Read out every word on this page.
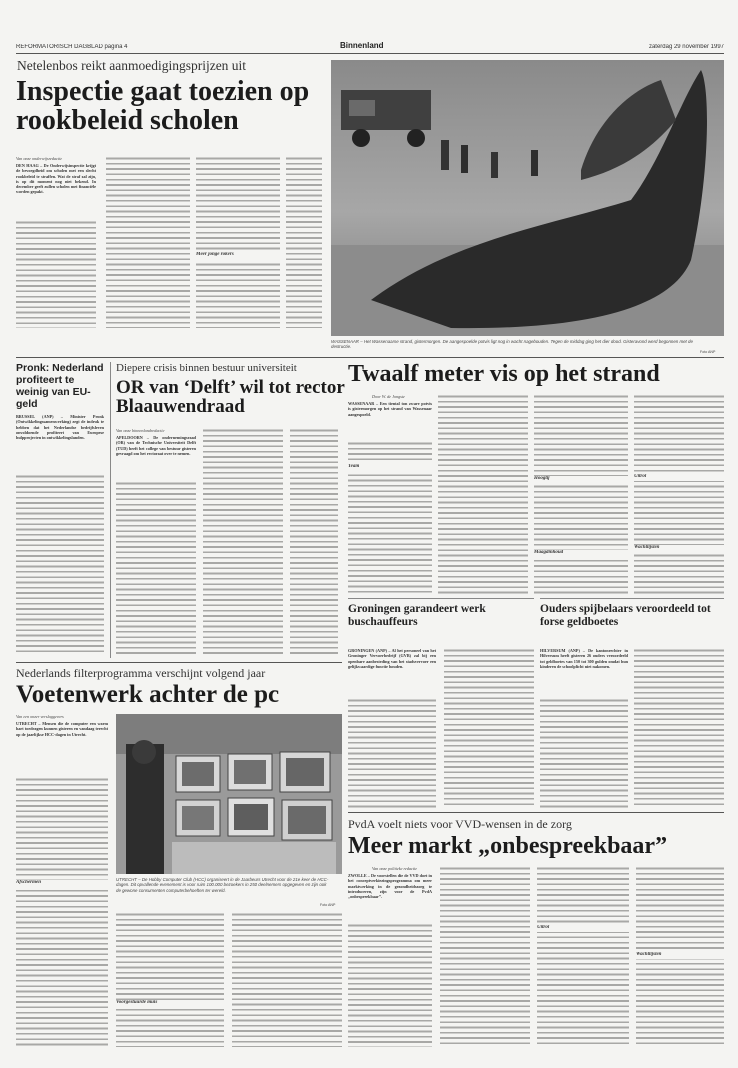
REFORMATORISCH DAGBLAD pagina 4	Binnenland	zaterdag 29 november 1997
Netelenbos reikt aanmoedigingsprijzen uit
Inspectie gaat toezien op rookbeleid scholen
Van onze onderwijsredactie
DEN HAAG – De Onderwijsinspectie krijgt de bevoegdheid om scholen met een slecht rookbeleid te straffen. Wat de straf zal zijn, is op dit moment nog niet bekend. In december geeft zullen scholen met financiële worden gepakt.
Meer jonge rokers
WASSENAAR – Het Wassenaarse strand, gistermorgen. De aangespoelde potvis ligt nog in wacht nagebouden. Tegen de middag ging het dier dood. Gisteravond werd begonnen met de destructie.
Foto ANP
Pronk: Nederland profiteert te weinig van EU-geld
BRUSSEL (ANP) – Minister Pronk (Ontwikkelingssamenwerking) zegt de indruk te hebben dat het Nederlandse bedrijfsleven onvoldoende profiteert van Europese hulpprojecten in ontwikkelingslanden.
Diepere crisis binnen bestuur universiteit
OR van ‘Delft’ wil tot rector Blaauwendraad
Van onze binnenlandredactie
APELDOORN – De ondernemingsraad (OR) van de Technische Universiteit Delft (TUD) heeft het college van bestuur gisteren gevraagd om het rectoraat over te nemen.
Twaalf meter vis op het strand
Door W. de Jongste
WASSENAAR – Een tiental ton zware potvis is gistermorgen op het strand van Wassenaar aangespoeld.
Team
Hoogtij
Maagdinhoud
Uitrol
Wachtlijsten
Groningen garandeert werk buschauffeurs
GRONINGEN (ANP) – Al het personeel van het Groninger Vervoerbedrijf (GVB) zal bij een openbare aanbesteding van het stadsvervoer een gelijkwaardige functie houden.
Ouders spijbelaars veroordeeld tot forse geldboetes
HILVERSUM (ANP) – De kantonrechter in Hilversum heeft gisteren 26 ouders veroordeeld tot geldboetes van 150 tot 300 gulden omdat hun kinderen de schoolplicht niet nakomen.
Nederlands filterprogramma verschijnt volgend jaar
Voetenwerk achter de pc
Van een onzer verslaggevers
UTRECHT – Mensen die de computer een warm hart toedragen kunnen gisteren en vandaag terecht op de jaarlijkse HCC-dagen in Utrecht.
Afschermen
UTRECHT – De Hobby Computer Club (HCC) organiseert in de Jaarbeurs Utrecht voor de 21e keer de HCC-dagen. Dit opvallende evenement is voor ruim 100.000 bezoekers in 250 deelnemers opgegeven en zijn ook de gewone consumenten computerbehoeften ter wereld.
Foto ANP
Voorgestuurde muis
PvdA voelt niets voor VVD-wensen in de zorg
Meer markt „onbespreekbaar”
Van onze politieke redactie
ZWOLLE – De voorstellen die de VVD doet in het conceptverkiezingsprogramma om meer marktwerking in de gezondheidszorg te introduceren, zijn voor de PvdA „onbespreekbaar”.
Uitrol
Wachtlijsten
